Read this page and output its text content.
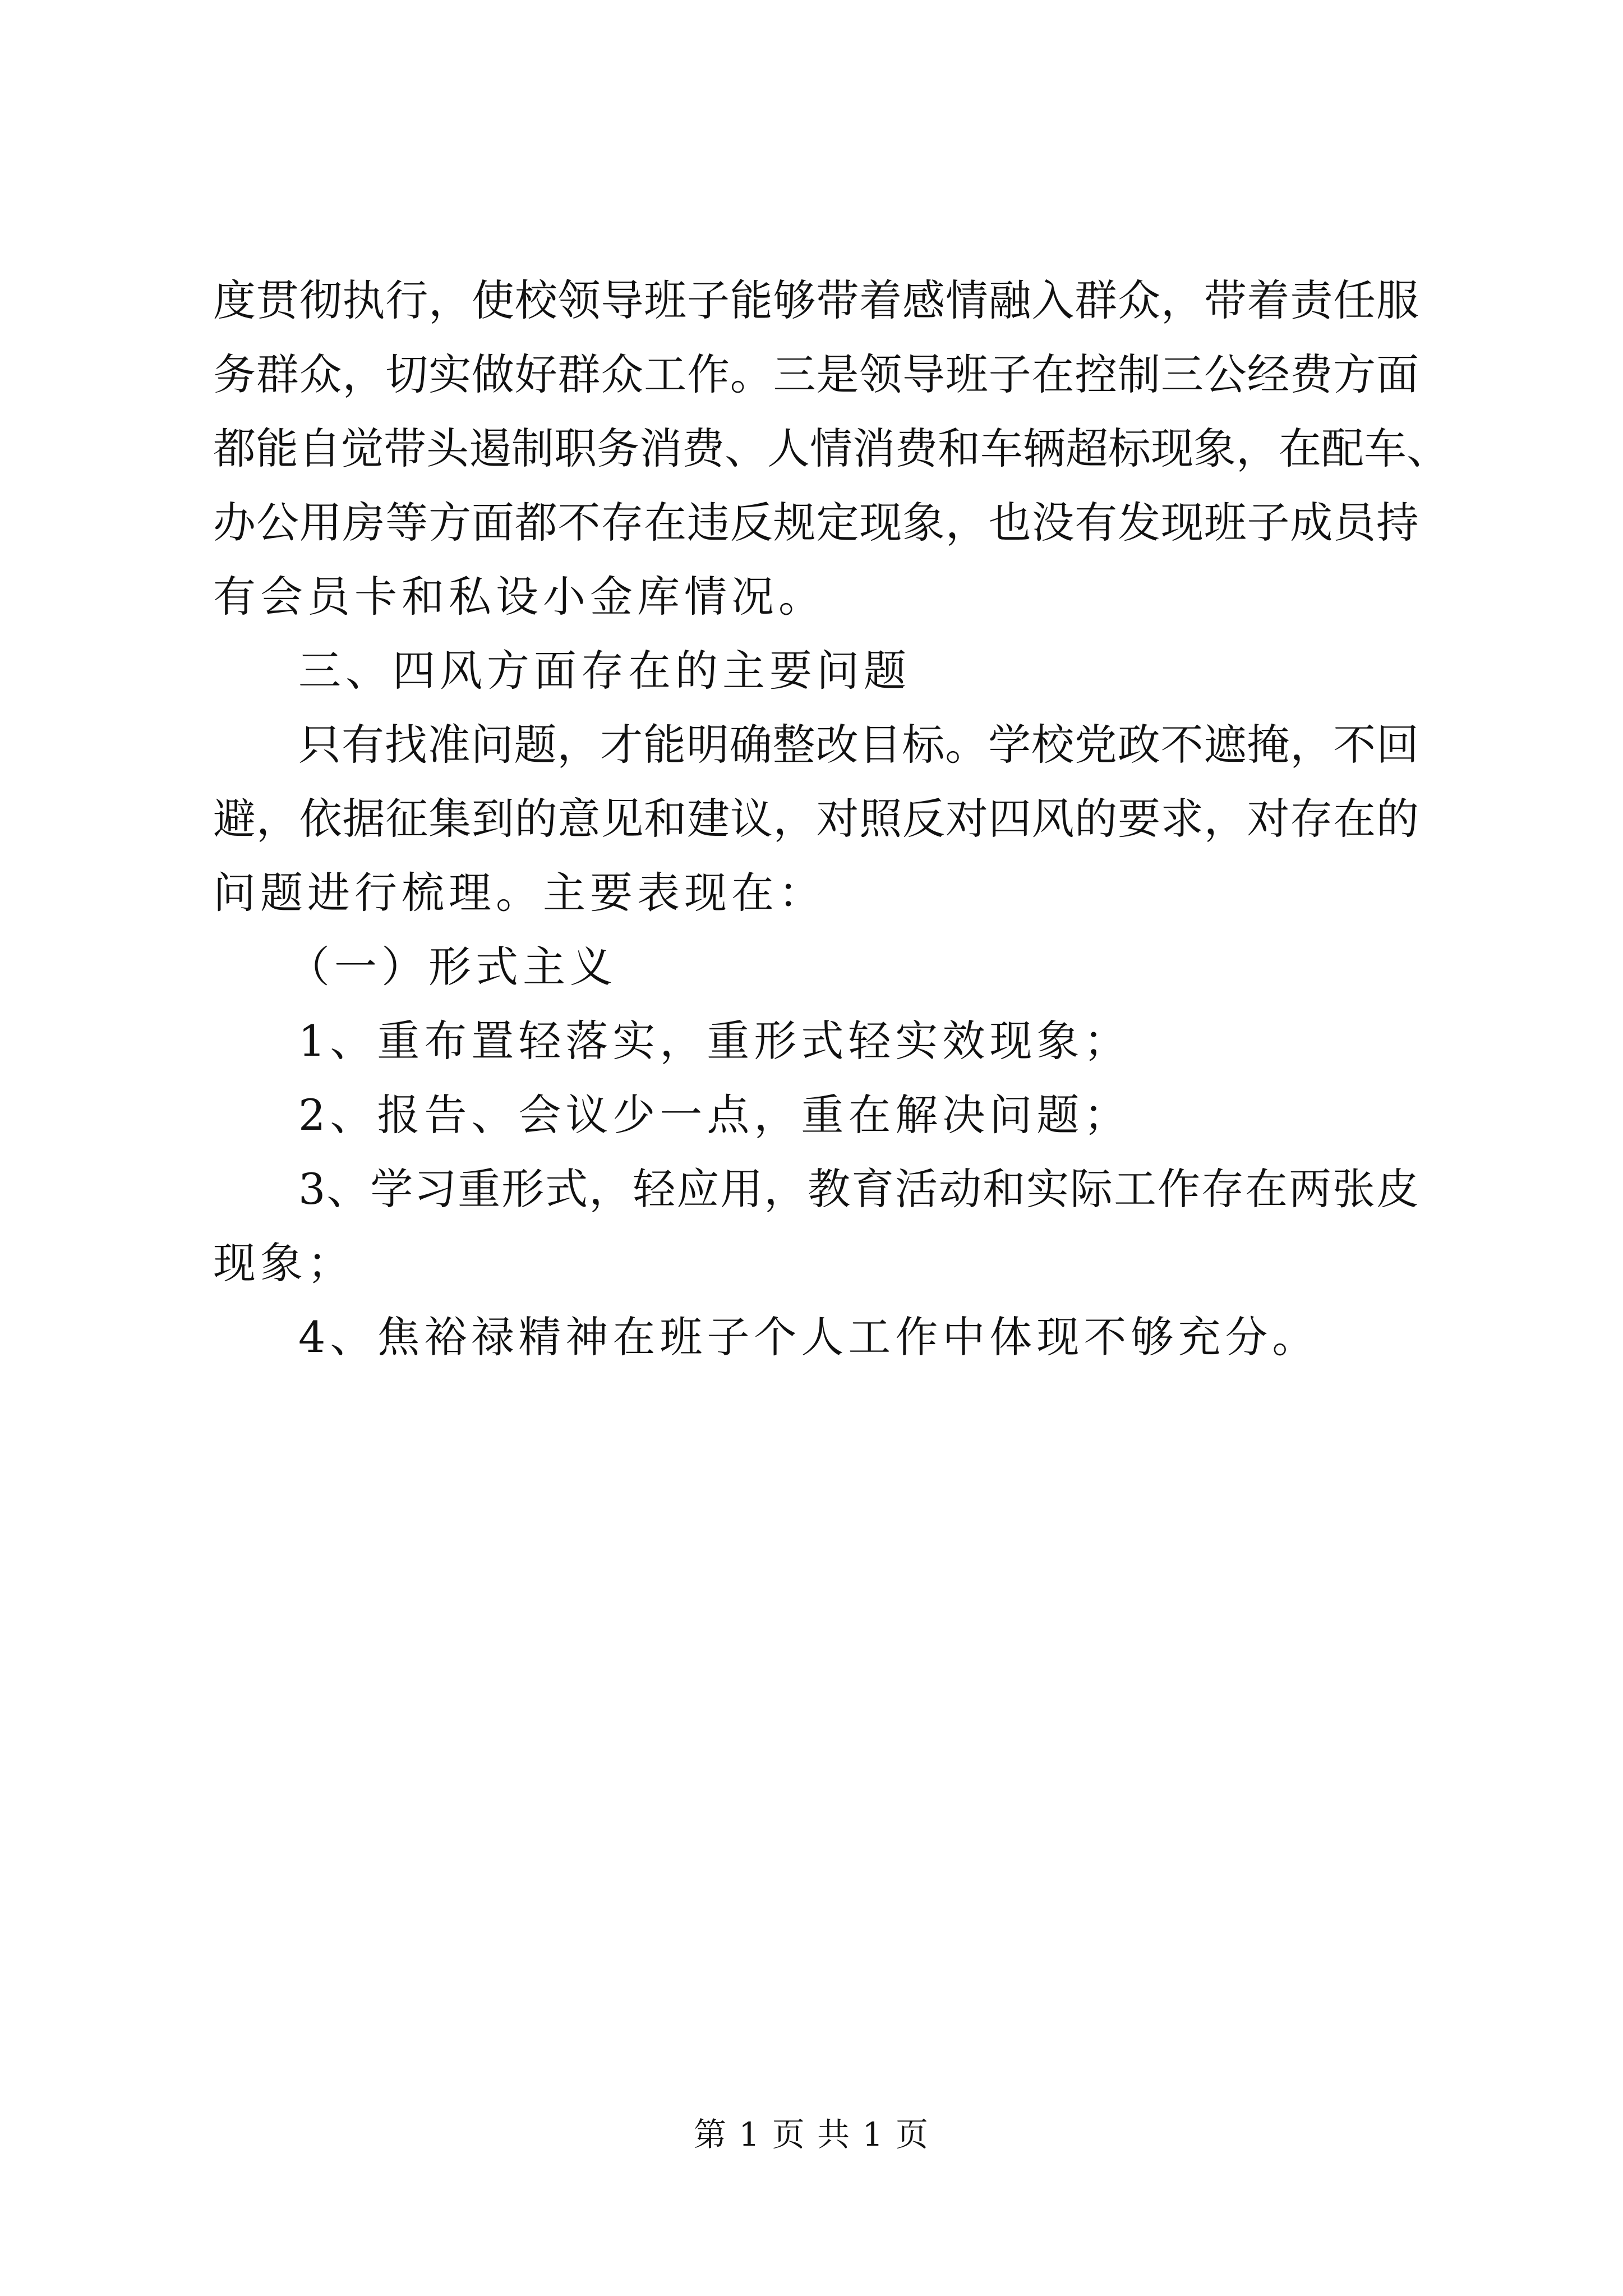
度贯彻执行，使校领导班子能够带着感情融入群众，带着责任服
务群众，切实做好群众工作。三是领导班子在控制三公经费方面
都能自觉带头遏制职务消费、人情消费和车辆超标现象，在配车、
办公用房等方面都不存在违反规定现象，也没有发现班子成员持
有会员卡和私设小金库情况。
三、四风方面存在的主要问题
只有找准问题，才能明确整改目标。学校党政不遮掩，不回
避，依据征集到的意见和建议，对照反对四风的要求，对存在的
问题进行梳理。主要表现在：
（一）形式主义
1、重布置轻落实，重形式轻实效现象；
2、报告、会议少一点，重在解决问题；
3、学习重形式，轻应用，教育活动和实际工作存在两张皮
现象；
4、焦裕禄精神在班子个人工作中体现不够充分。
第 1 页 共 1 页
